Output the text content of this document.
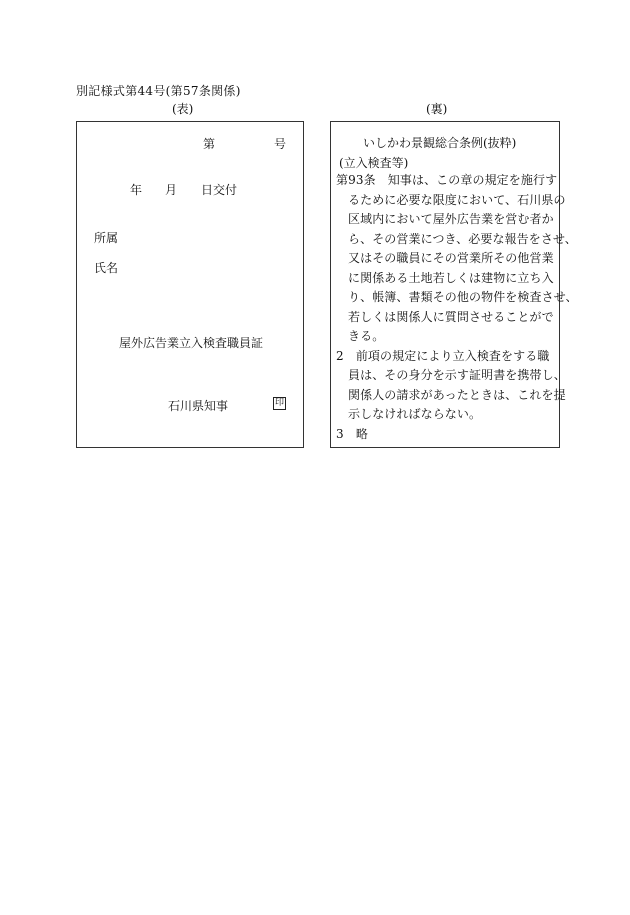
別記様式第44号(第57条関係)
(表)	(裏)
第	号
年 月 日交付
所属
氏名
屋外広告業立入検査職員証
石川県知事	印
いしかわ景観総合条例(抜粋)
(立入検査等)
第93条　知事は、この章の規定を施行す
るために必要な限度において、石川県の
区域内において屋外広告業を営む者か
ら、その営業につき、必要な報告をさせ、
又はその職員にその営業所その他営業
に関係ある土地若しくは建物に立ち入
り、帳簿、書類その他の物件を検査させ、
若しくは関係人に質問させることがで
きる。
2　前項の規定により立入検査をする職
員は、その身分を示す証明書を携帯し、
関係人の請求があったときは、これを提
示しなければならない。
3　略
